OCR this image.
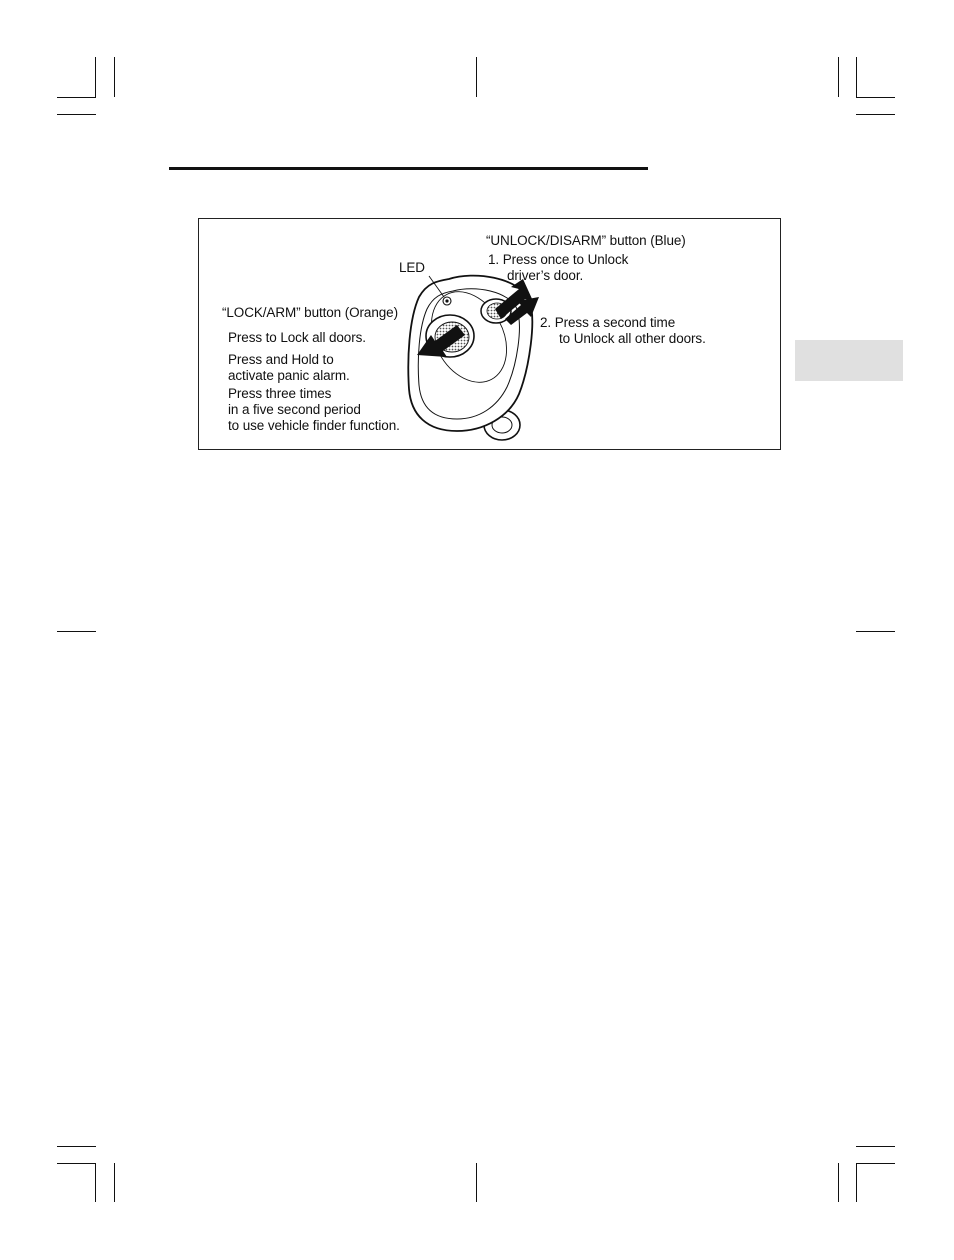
“UNLOCK/DISARM” button (Blue)
1. Press once to Unlock
driver’s door.
LED
“LOCK/ARM” button (Orange)
2. Press a second time
to Unlock all other doors.
Press to Lock all doors.
Press and Hold to
activate panic alarm.
Press three times
in a five second period
to use vehicle finder function.
